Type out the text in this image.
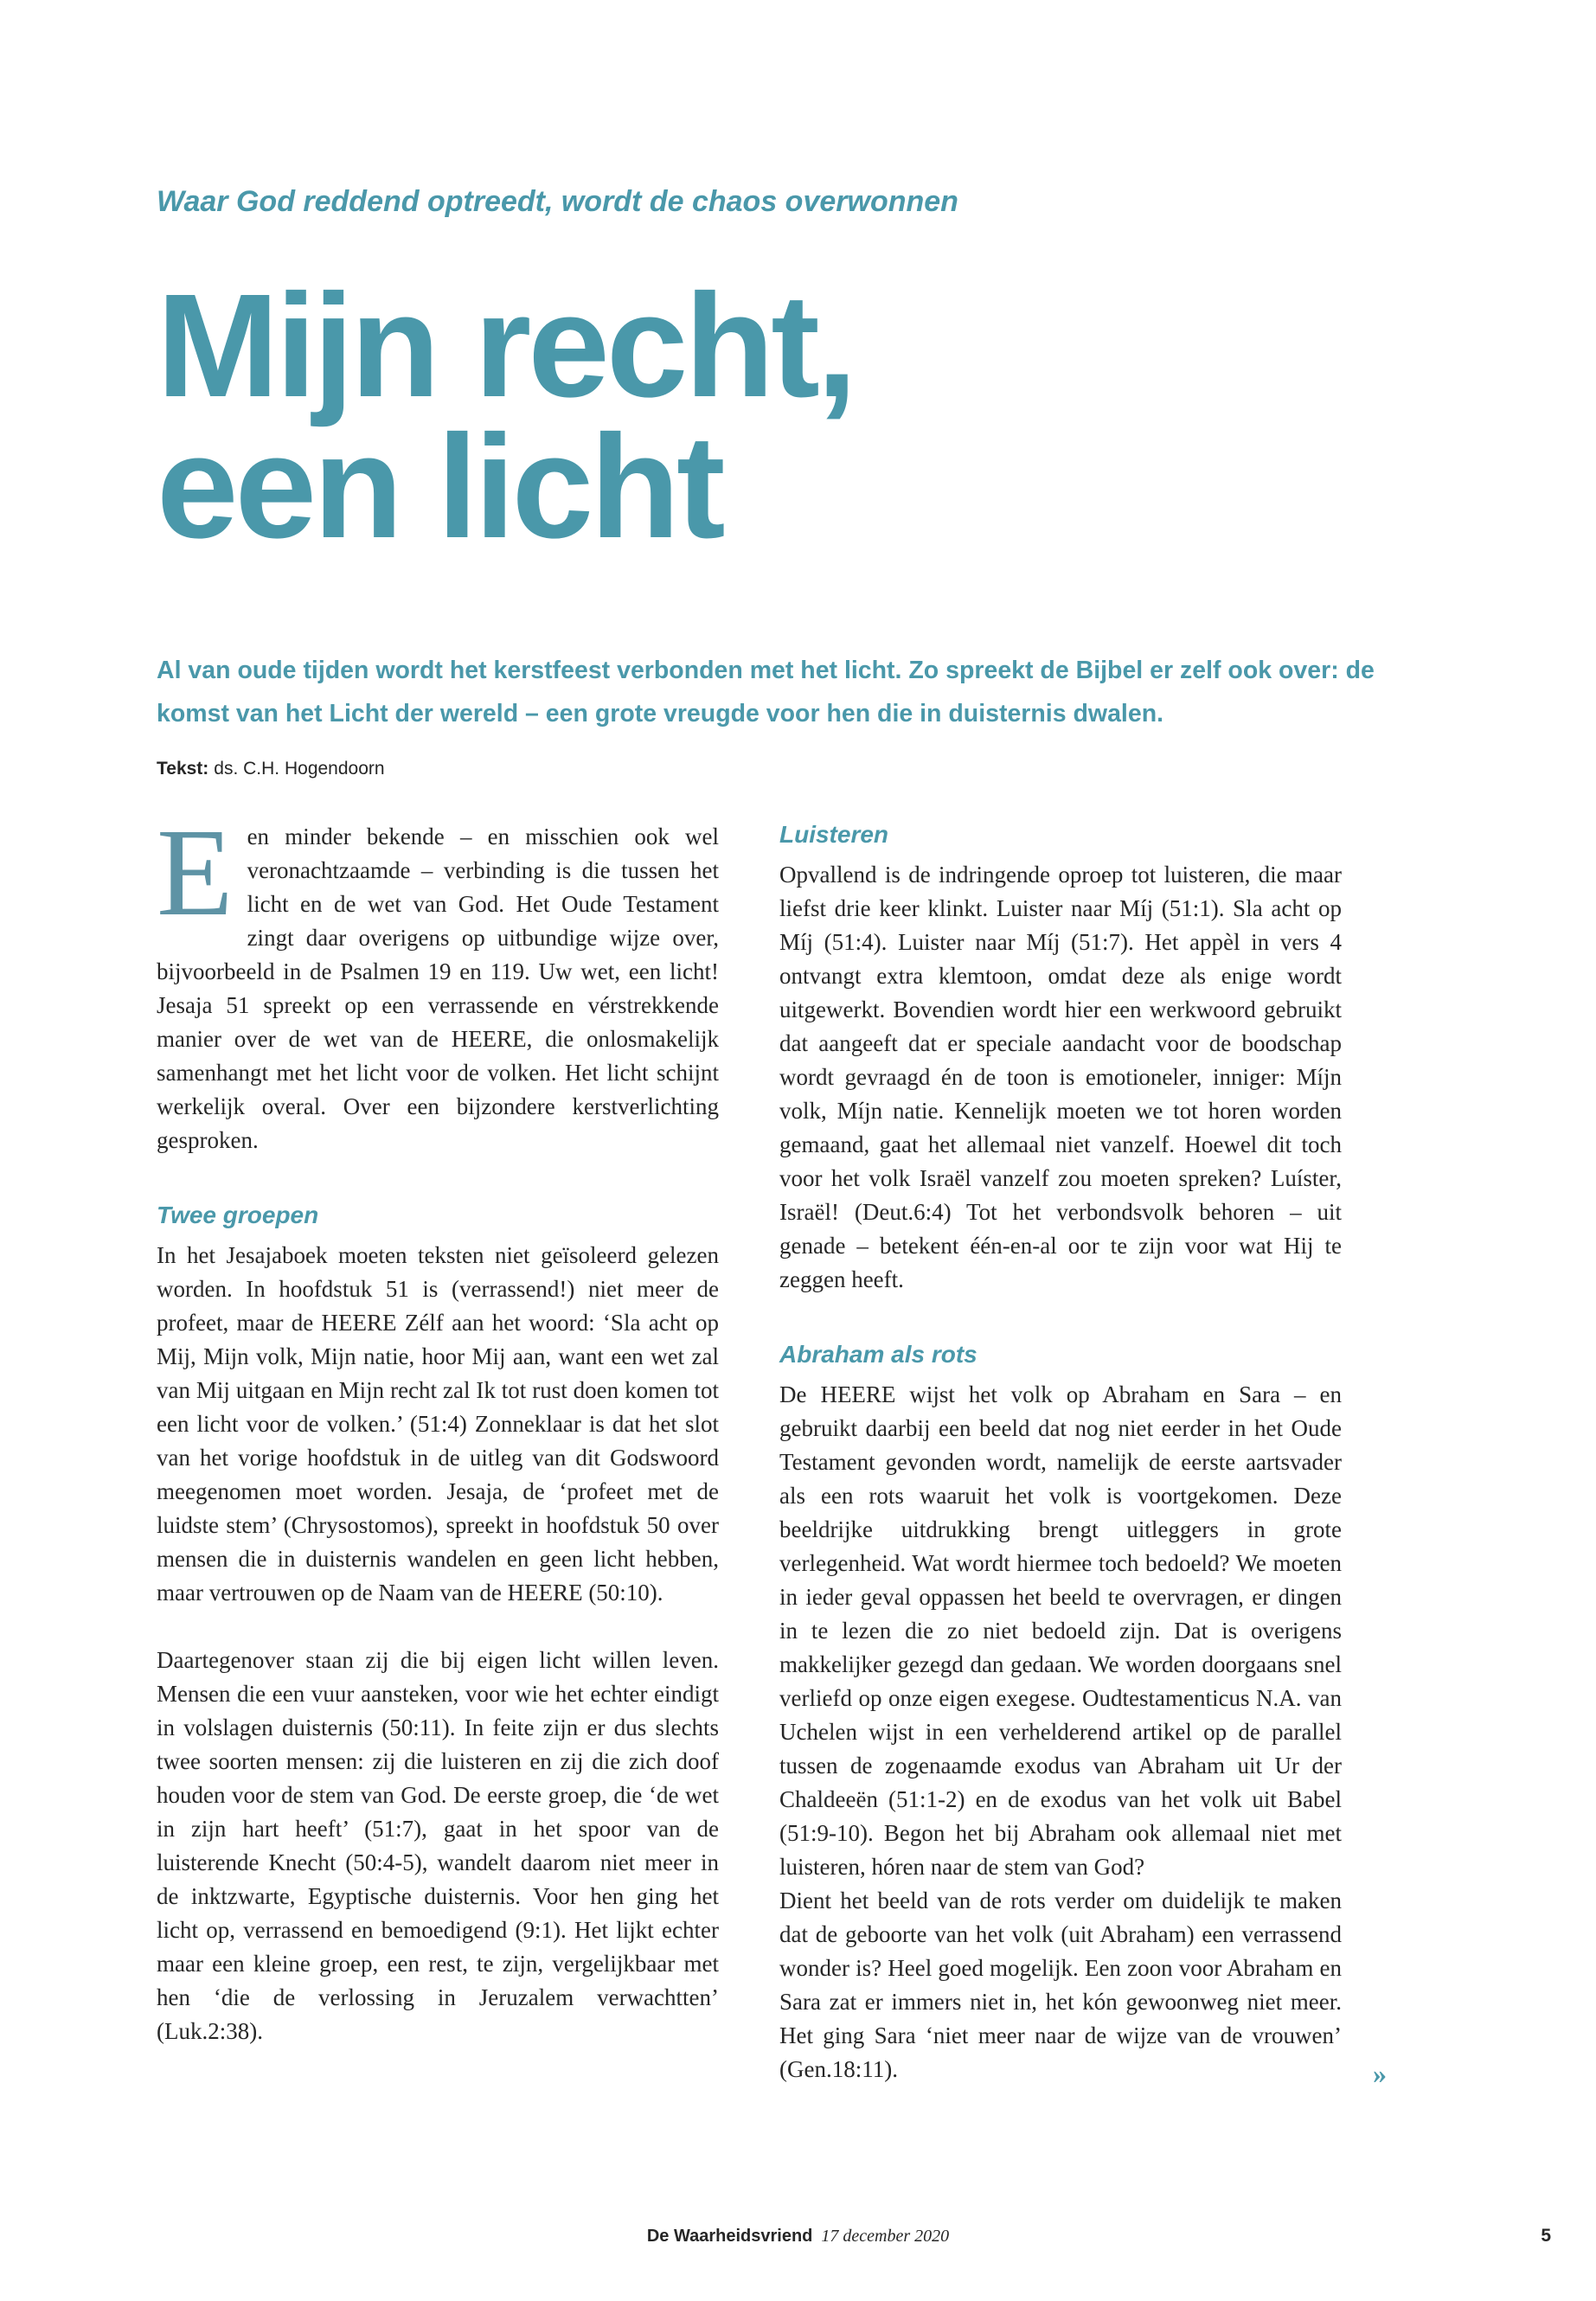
Waar God reddend optreedt, wordt de chaos overwonnen
Mijn recht,
een licht

Al van oude tijden wordt het kerstfeest verbonden met het licht. Zo spreekt de Bijbel er zelf ook over: de komst van het Licht der wereld – een grote vreugde voor hen die in duisternis dwalen.

Tekst: ds. C.H. Hogendoorn

Een minder bekende – en misschien ook wel veronachtzaamde – verbinding is die tussen het licht en de wet van God. Het Oude Testament zingt daar overigens op uitbundige wijze over, bijvoorbeeld in de Psalmen 19 en 119. Uw wet, een licht! Jesaja 51 spreekt op een verrassende en vérstrekkende manier over de wet van de HEERE, die onlosmakelijk samenhangt met het licht voor de volken. Het licht schijnt werkelijk overal. Over een bijzondere kerstverlichting gesproken.

Twee groepen

In het Jesajaboek moeten teksten niet geïsoleerd gelezen worden. In hoofdstuk 51 is (verrassend!) niet meer de profeet, maar de HEERE Zélf aan het woord: ‘Sla acht op Mij, Mijn volk, Mijn natie, hoor Mij aan, want een wet zal van Mij uitgaan en Mijn recht zal Ik tot rust doen komen tot een licht voor de volken.’ (51:4) Zonneklaar is dat het slot van het vorige hoofdstuk in de uitleg van dit Godswoord meegenomen moet worden. Jesaja, de ‘profeet met de luidste stem’ (Chrysostomos), spreekt in hoofdstuk 50 over mensen die in duisternis wandelen en geen licht hebben, maar vertrouwen op de Naam van de HEERE (50:10).

Daartegenover staan zij die bij eigen licht willen leven. Mensen die een vuur aansteken, voor wie het echter eindigt in volslagen duisternis (50:11). In feite zijn er dus slechts twee soorten mensen: zij die luisteren en zij die zich doof houden voor de stem van God. De eerste groep, die ‘de wet in zijn hart heeft’ (51:7), gaat in het spoor van de luisterende Knecht (50:4-5), wandelt daarom niet meer in de inktzwarte, Egyptische duisternis. Voor hen ging het licht op, verrassend en bemoedigend (9:1). Het lijkt echter maar een kleine groep, een rest, te zijn, vergelijkbaar met hen ‘die de verlossing in Jeruzalem verwachtten’ (Luk.2:38).

Luisteren

Opvallend is de indringende oproep tot luisteren, die maar liefst drie keer klinkt. Luister naar Míj (51:1). Sla acht op Míj (51:4). Luister naar Míj (51:7). Het appèl in vers 4 ontvangt extra klemtoon, omdat deze als enige wordt uitgewerkt. Bovendien wordt hier een werkwoord gebruikt dat aangeeft dat er speciale aandacht voor de boodschap wordt gevraagd én de toon is emotioneler, inniger: Míjn volk, Míjn natie. Kennelijk moeten we tot horen worden gemaand, gaat het allemaal niet vanzelf. Hoewel dit toch voor het volk Israël vanzelf zou moeten spreken? Luíster, Israël! (Deut.6:4) Tot het verbondsvolk behoren – uit genade – betekent één-en-al oor te zijn voor wat Hij te zeggen heeft.

Abraham als rots

De HEERE wijst het volk op Abraham en Sara – en gebruikt daarbij een beeld dat nog niet eerder in het Oude Testament gevonden wordt, namelijk de eerste aartsvader als een rots waaruit het volk is voortgekomen. Deze beeldrijke uitdrukking brengt uitleggers in grote verlegenheid. Wat wordt hiermee toch bedoeld? We moeten in ieder geval oppassen het beeld te overvragen, er dingen in te lezen die zo niet bedoeld zijn. Dat is overigens makkelijker gezegd dan gedaan. We worden doorgaans snel verliefd op onze eigen exegese. Oudtestamenticus N.A. van Uchelen wijst in een verhelderend artikel op de parallel tussen de zogenaamde exodus van Abraham uit Ur der Chaldeeën (51:1-2) en de exodus van het volk uit Babel (51:9-10). Begon het bij Abraham ook allemaal niet met luisteren, hóren naar de stem van God?

Dient het beeld van de rots verder om duidelijk te maken dat de geboorte van het volk (uit Abraham) een verrassend wonder is? Heel goed mogelijk. Een zoon voor Abraham en Sara zat er immers niet in, het kón gewoonweg niet meer. Het ging Sara ‘niet meer naar de wijze van de vrouwen’ (Gen.18:11).	»
De Waarheidsvriend 17 december 2020	5
